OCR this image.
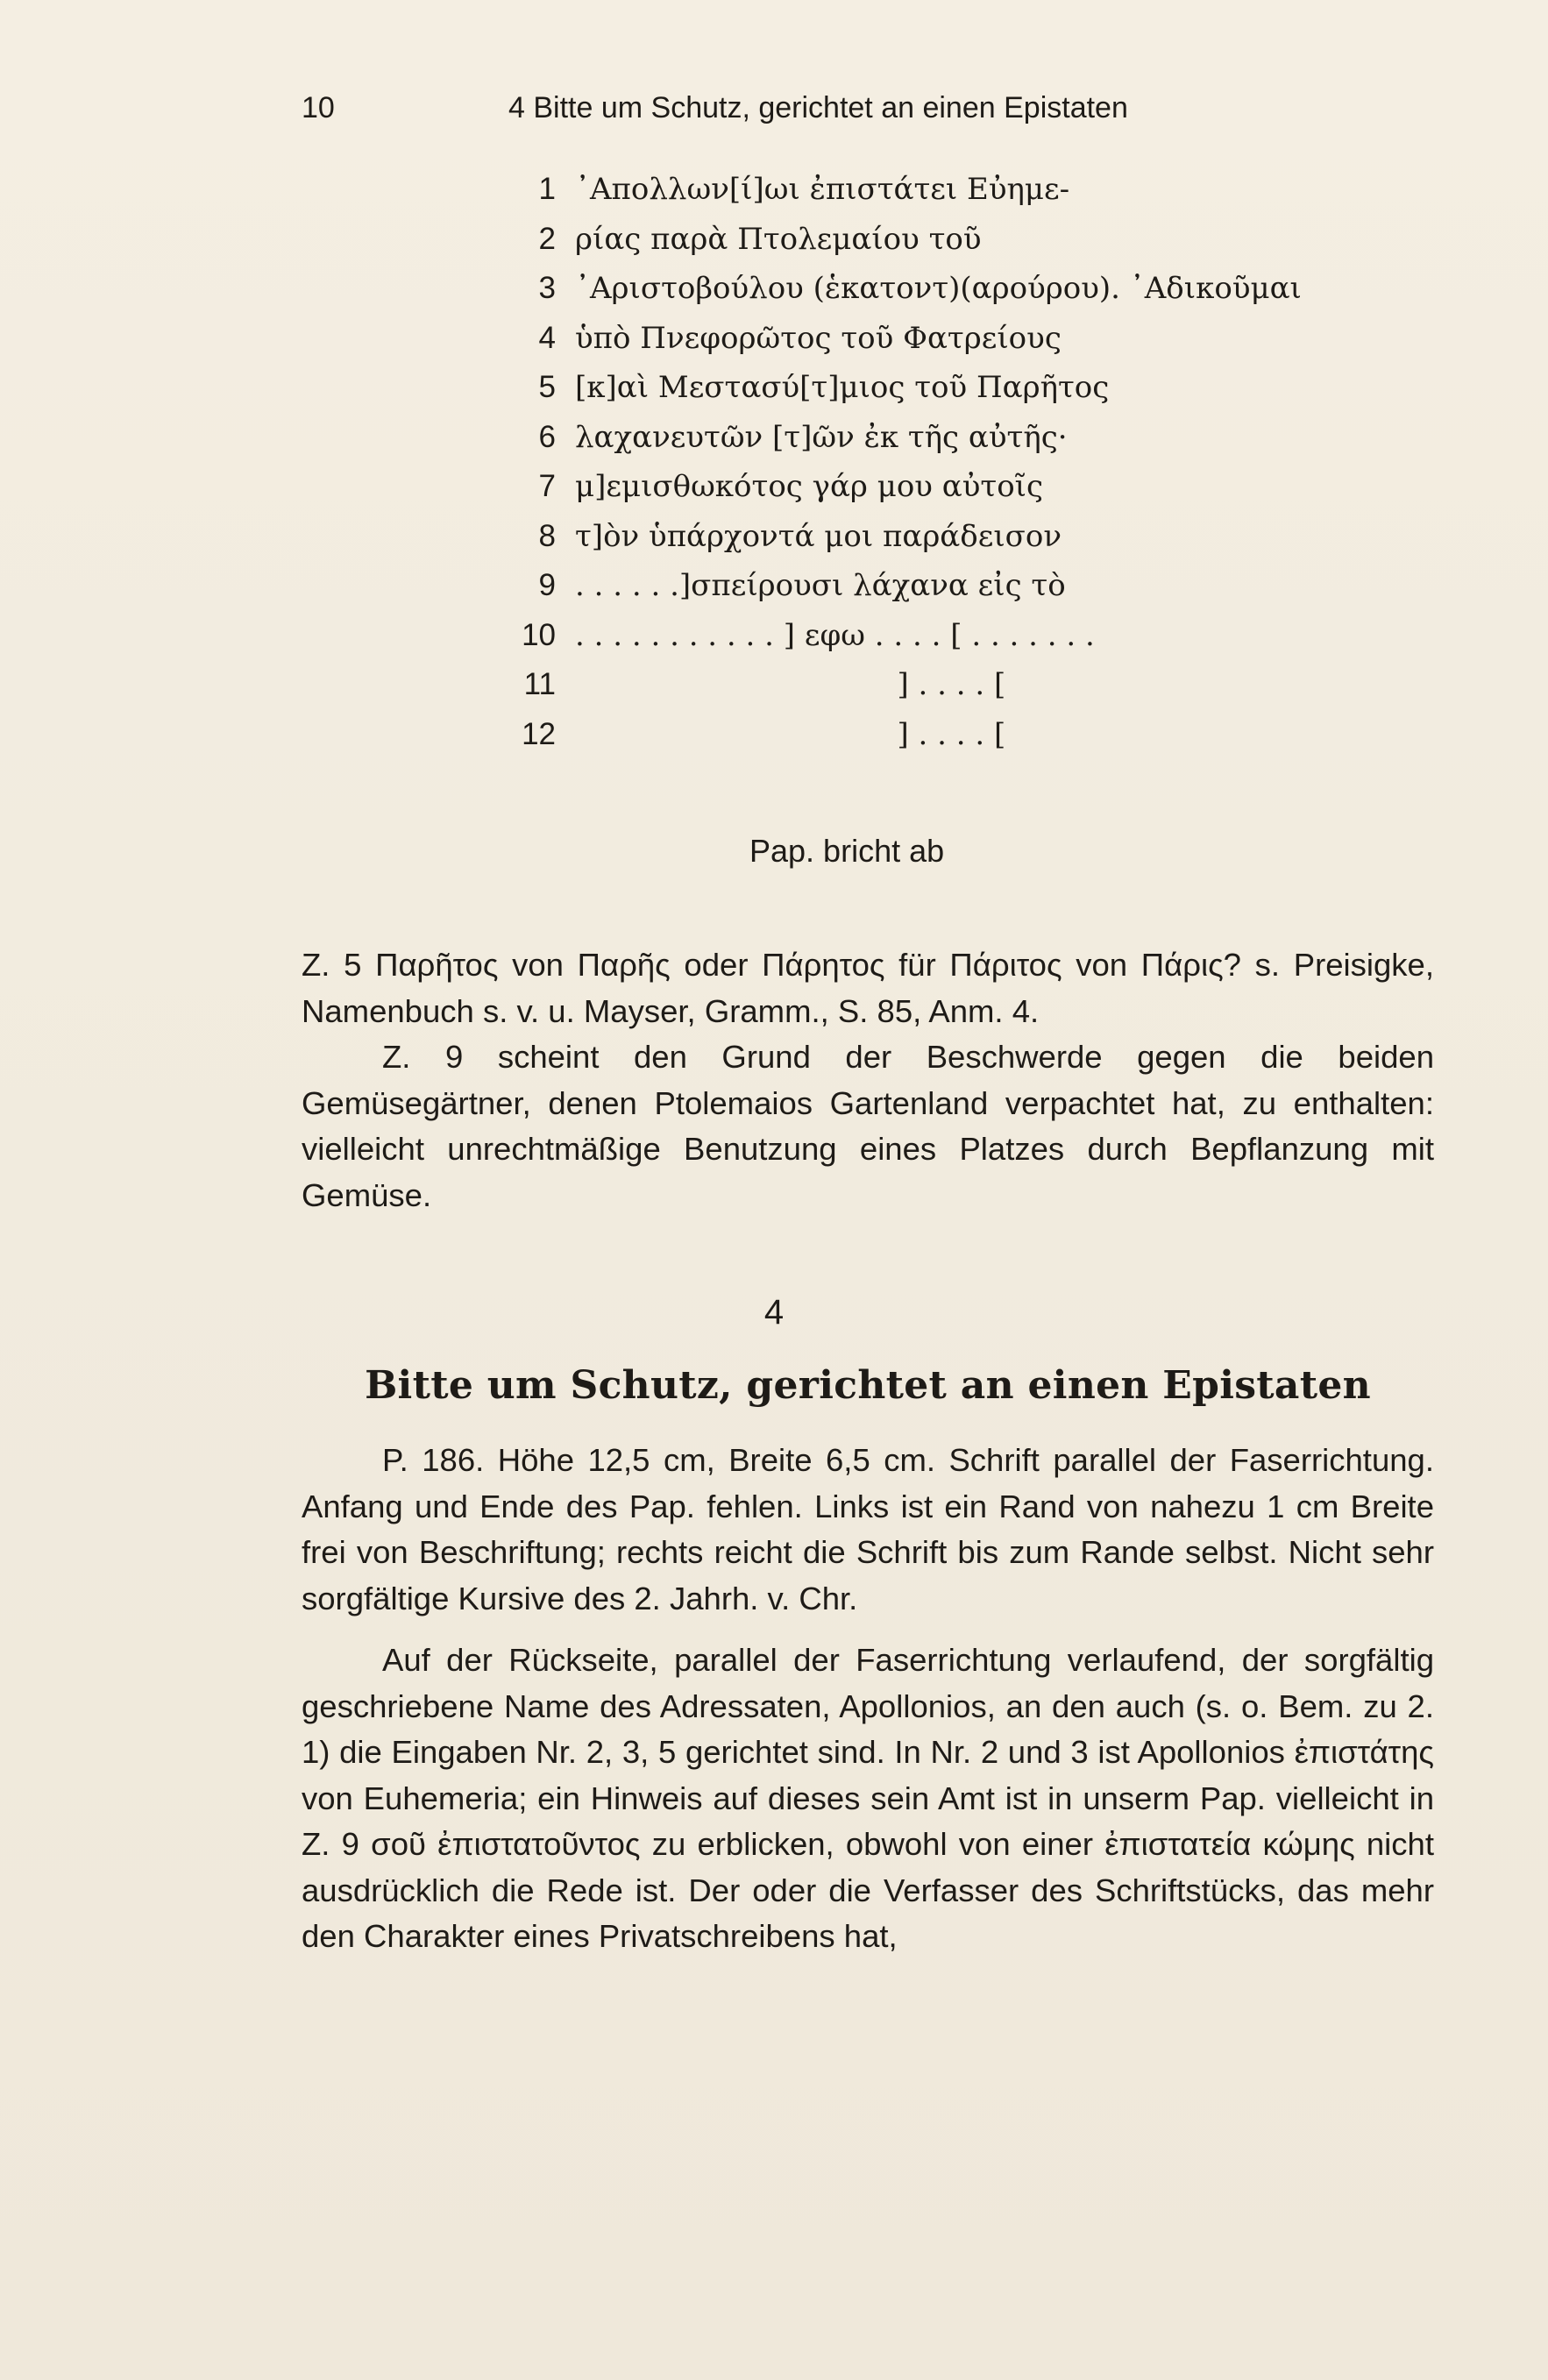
10	4 Bitte um Schutz, gerichtet an einen Epistaten
1 ᾿Απολλων[ί]ωι ἐπιστάτει Εὐημε-
2 ρίας παρὰ Πτολεμαίου τοῦ
3 ᾿Αριστοβούλου (ἑκατοντ)(αρούρου). ᾿Αδικοῦμαι
4 ὑπὸ Πνεφορῶτος τοῦ Φατρείους
5 [κ]αὶ Μεστασύ[τ]μιος τοῦ Παρῆτος
6 λαχανευτῶν [τ]ῶν ἐκ τῆς αὐτῆς·
7 μ]εμισθωκότος γάρ μου αὐτοῖς
8 τ]ὸν ὑπάρχοντά μοι παράδεισον
9 . . . . . .]σπείρουσι λάχανα εἰς τὸ
10 . . . . . . . . . . . ] εφω . . . . [ . . . . . . .
11 ] . . . . [
12 ] . . . . [
Pap. bricht ab

Z. 5 Παρῆτος von Παρῆς oder Πάρητος für Πάριτος von Πάρις? s. Preisigke, Namenbuch s. v. u. Mayser, Gramm., S. 85, Anm. 4.

Z. 9 scheint den Grund der Beschwerde gegen die beiden Gemüsegärtner, denen Ptolemaios Gartenland verpachtet hat, zu enthalten: vielleicht unrechtmäßige Benutzung eines Platzes durch Bepflanzung mit Gemüse.

4
Bitte um Schutz, gerichtet an einen Epistaten

P. 186. Höhe 12,5 cm, Breite 6,5 cm. Schrift parallel der Faserrichtung. Anfang und Ende des Pap. fehlen. Links ist ein Rand von nahezu 1 cm Breite frei von Beschriftung; rechts reicht die Schrift bis zum Rande selbst. Nicht sehr sorgfältige Kursive des 2. Jahrh. v. Chr.

Auf der Rückseite, parallel der Faserrichtung verlaufend, der sorgfältig geschriebene Name des Adressaten, Apollonios, an den auch (s. o. Bem. zu 2. 1) die Eingaben Nr. 2, 3, 5 gerichtet sind. In Nr. 2 und 3 ist Apollonios ἐπιστάτης von Euhemeria; ein Hinweis auf dieses sein Amt ist in unserm Pap. vielleicht in Z. 9 σοῦ ἐπιστατοῦντος zu erblicken, obwohl von einer ἐπιστατεία κώμης nicht ausdrücklich die Rede ist. Der oder die Verfasser des Schriftstücks, das mehr den Charakter eines Privatschreibens hat,
